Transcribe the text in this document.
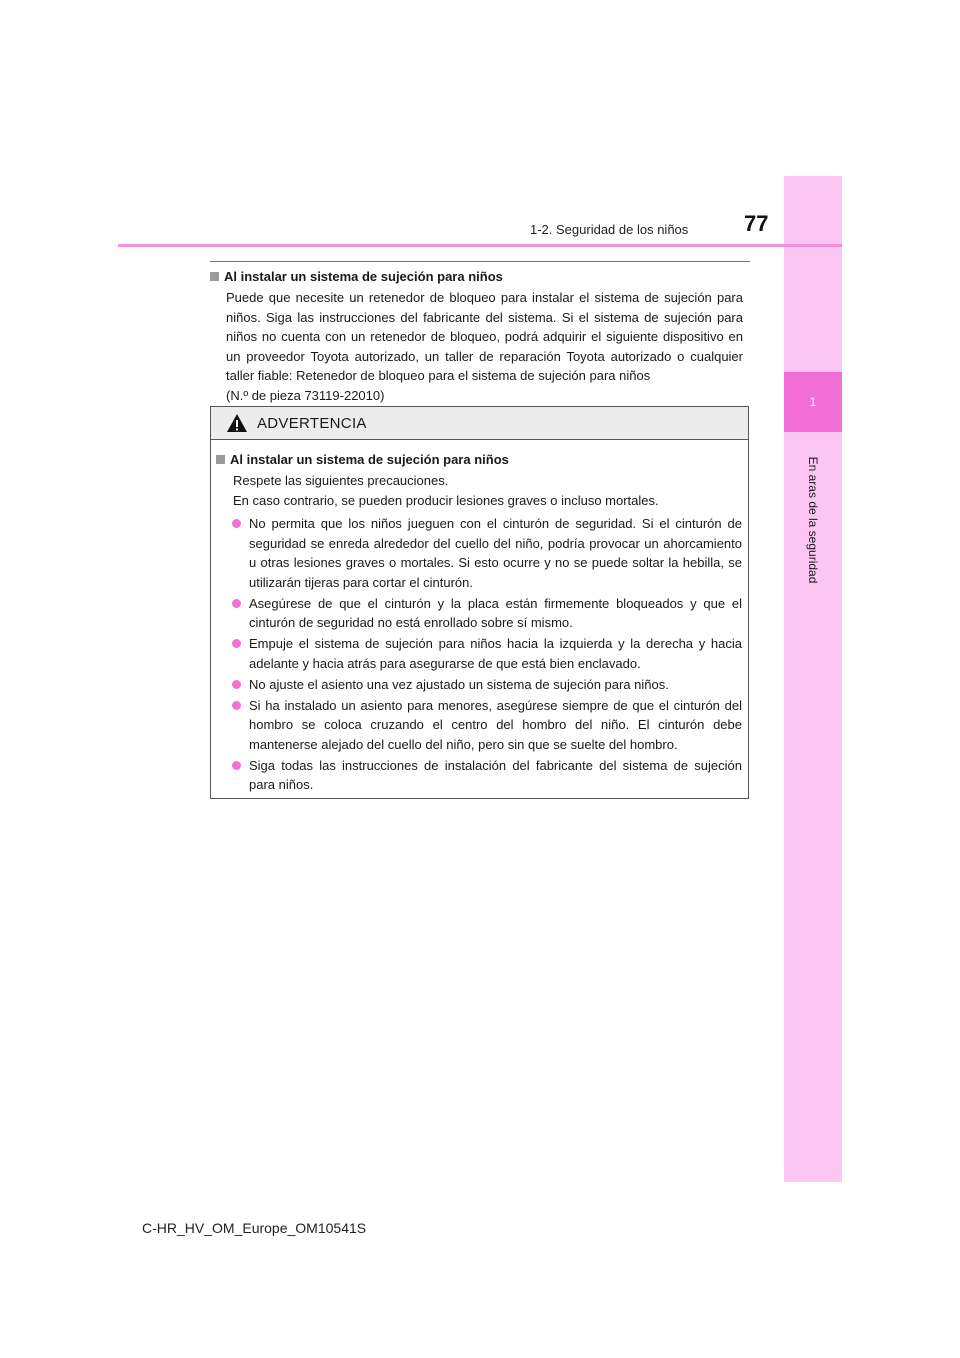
1
En aras de la seguridad
1-2. Seguridad de los niños	77
Al instalar un sistema de sujeción para niños

Puede que necesite un retenedor de bloqueo para instalar el sistema de sujeción para niños. Siga las instrucciones del fabricante del sistema. Si el sistema de sujeción para niños no cuenta con un retenedor de bloqueo, podrá adquirir el siguiente dispositivo en un proveedor Toyota autorizado, un taller de reparación Toyota autorizado o cualquier taller fiable: Retenedor de bloqueo para el sistema de sujeción para niños

(N.º de pieza 73119-22010)

ADVERTENCIA
Al instalar un sistema de sujeción para niños

Respete las siguientes precauciones.

En caso contrario, se pueden producir lesiones graves o incluso mortales.

No permita que los niños jueguen con el cinturón de seguridad. Si el cinturón de seguridad se enreda alrededor del cuello del niño, podría provocar un ahorcamiento u otras lesiones graves o mortales. Si esto ocurre y no se puede soltar la hebilla, se utilizarán tijeras para cortar el cinturón.
Asegúrese de que el cinturón y la placa están firmemente bloqueados y que el cinturón de seguridad no está enrollado sobre sí mismo.
Empuje el sistema de sujeción para niños hacia la izquierda y la derecha y hacia adelante y hacia atrás para asegurarse de que está bien enclavado.
No ajuste el asiento una vez ajustado un sistema de sujeción para niños.
Si ha instalado un asiento para menores, asegúrese siempre de que el cinturón del hombro se coloca cruzando el centro del hombro del niño. El cinturón debe mantenerse alejado del cuello del niño, pero sin que se suelte del hombro.
Siga todas las instrucciones de instalación del fabricante del sistema de sujeción para niños.
C-HR_HV_OM_Europe_OM10541S
